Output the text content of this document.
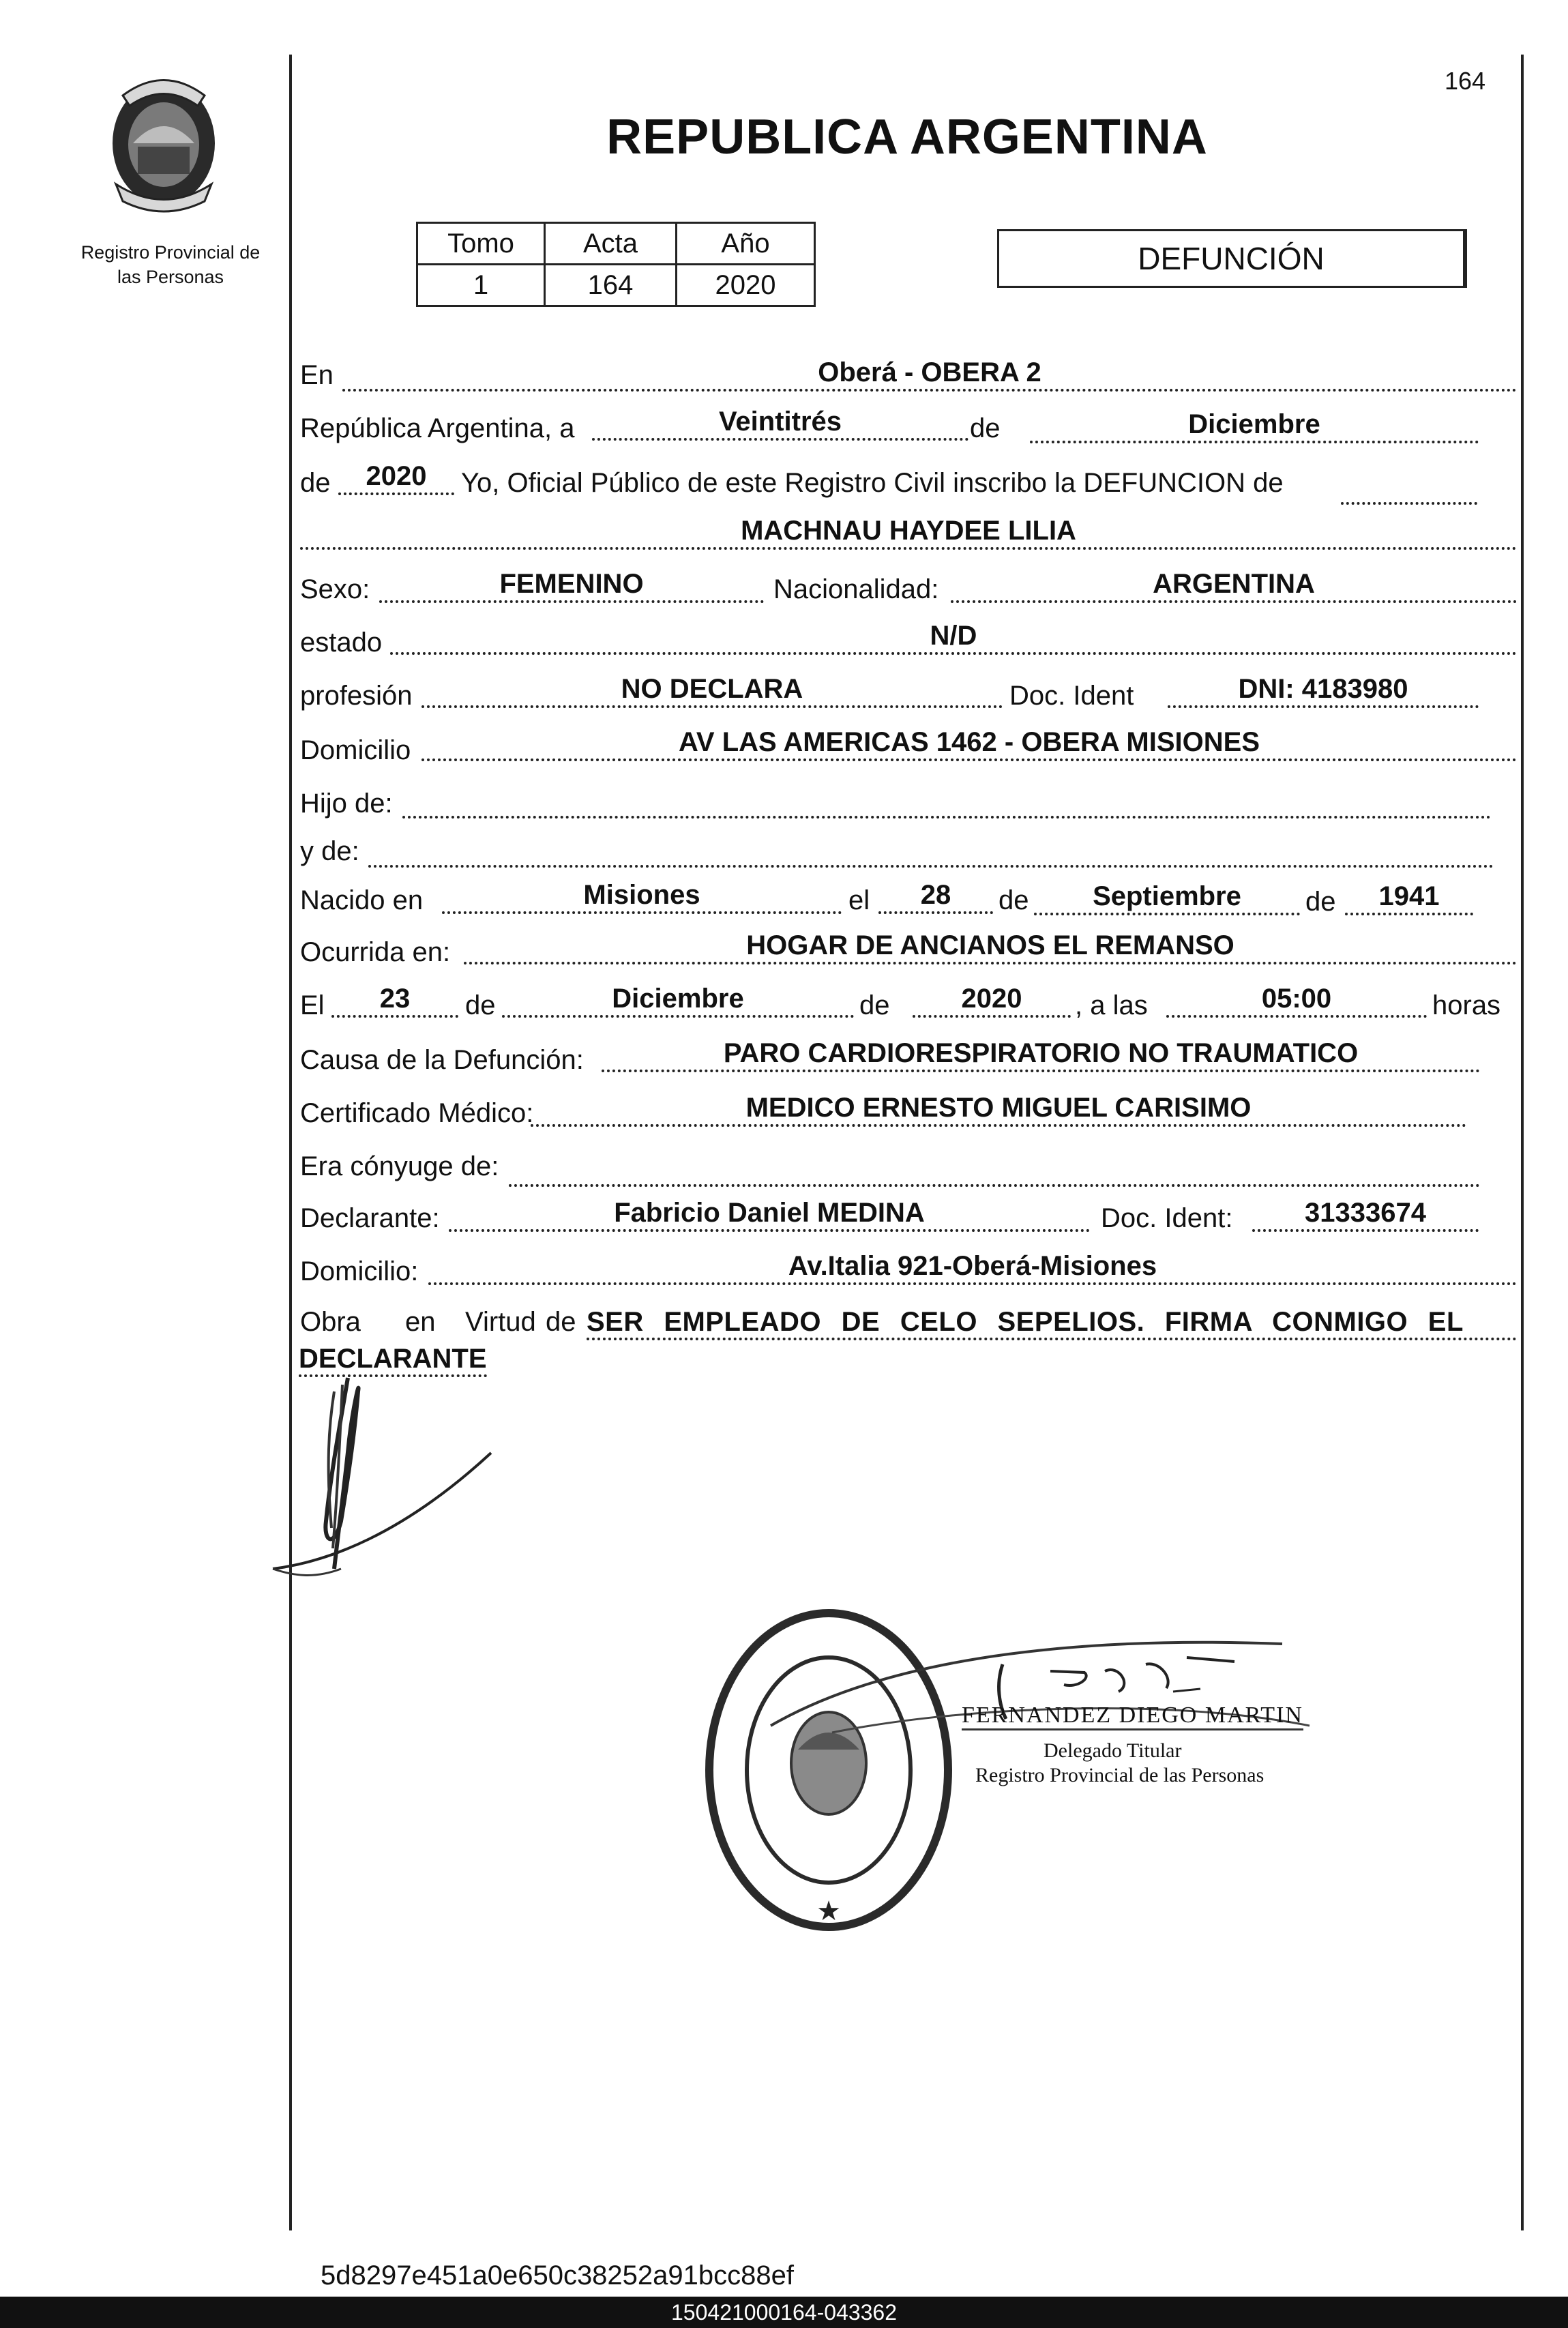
164
REPUBLICA ARGENTINA
Registro Provincial de
las Personas
Tomo	Acta	Año
1	164	2020
DEFUNCIÓN
En	Oberá - OBERA 2
República Argentina, a	Veintitrés	de	Diciembre
de	2020	Yo, Oficial Público de este Registro Civil inscribo la DEFUNCION de
MACHNAU HAYDEE LILIA
Sexo:	FEMENINO	Nacionalidad:	ARGENTINA
estado	N/D
profesión	NO DECLARA	Doc. Ident	DNI: 4183980
Domicilio	AV LAS AMERICAS 1462 - OBERA MISIONES
Hijo de:
y de:
Nacido en	Misiones	el	28	de	Septiembre	de	1941
Ocurrida en:	HOGAR DE ANCIANOS EL REMANSO
El	23	de	Diciembre	de	2020	, a las	05:00	horas
Causa de la Defunción:	PARO CARDIORESPIRATORIO NO TRAUMATICO
Certificado Médico:	MEDICO ERNESTO MIGUEL CARISIMO
Era cónyuge de:
Declarante:	Fabricio Daniel MEDINA	Doc. Ident:	31333674
Domicilio:	Av.Italia 921-Oberá-Misiones
Obra en Virtud de SER EMPLEADO DE CELO SEPELIOS. FIRMA CONMIGO EL
DECLARANTE
★
FERNANDEZ DIEGO MARTIN
Delegado Titular
Registro Provincial de las Personas
5d8297e451a0e650c38252a91bcc88ef
150421000164-043362
